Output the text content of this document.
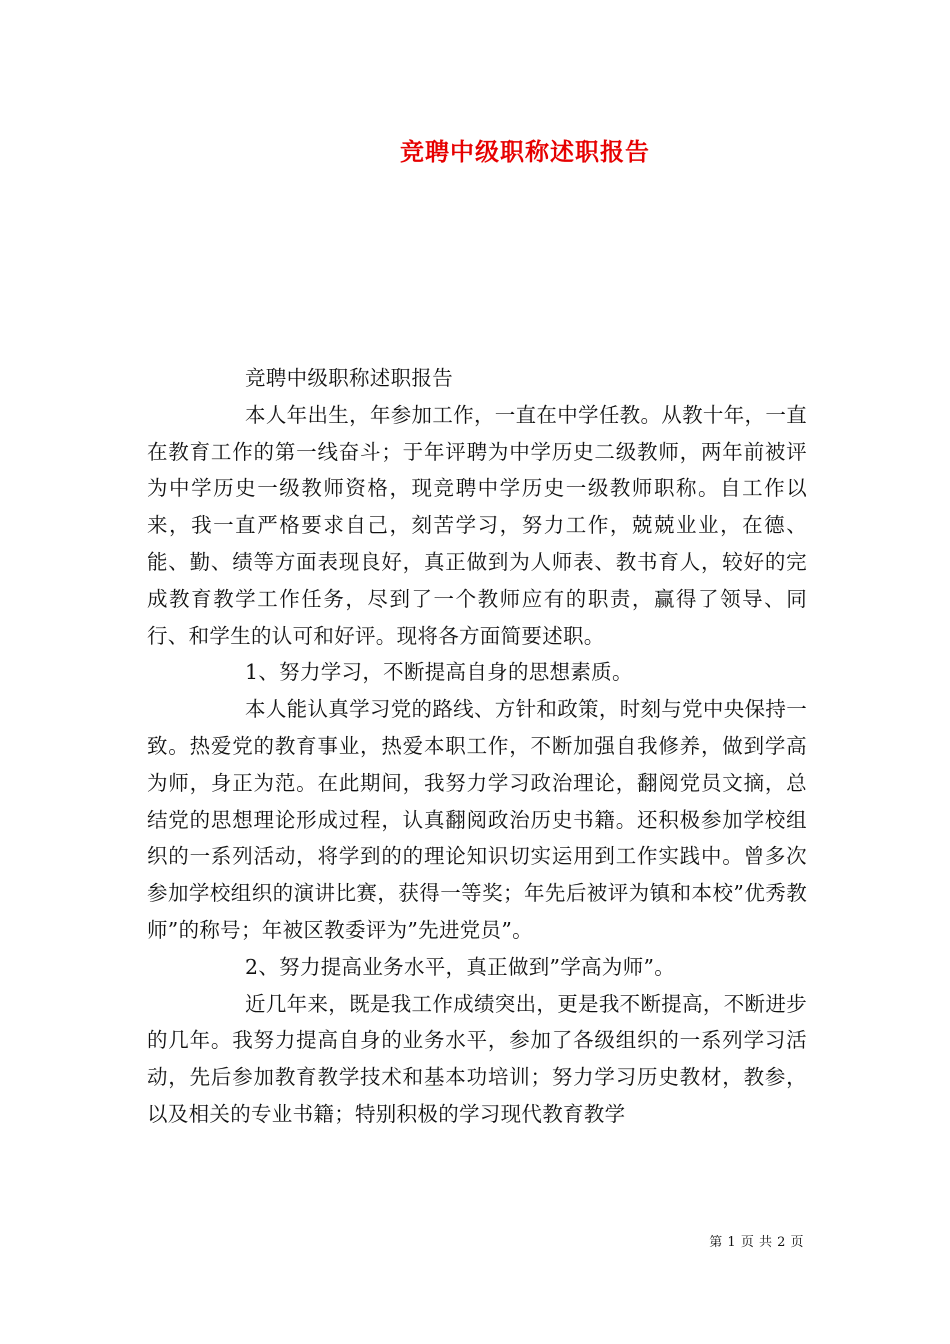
竞聘中级职称述职报告

竞聘中级职称述职报告

本人年出生，年参加工作，一直在中学任教。从教十年，一直在教育工作的第一线奋斗；于年评聘为中学历史二级教师，两年前被评为中学历史一级教师资格，现竞聘中学历史一级教师职称。自工作以来，我一直严格要求自己，刻苦学习，努力工作，兢兢业业，在德、能、勤、绩等方面表现良好，真正做到为人师表、教书育人，较好的完成教育教学工作任务，尽到了一个教师应有的职责，赢得了领导、同行、和学生的认可和好评。现将各方面简要述职。

1、努力学习，不断提高自身的思想素质。

本人能认真学习党的路线、方针和政策，时刻与党中央保持一致。热爱党的教育事业，热爱本职工作，不断加强自我修养，做到学高为师，身正为范。在此期间，我努力学习政治理论，翻阅党员文摘，总结党的思想理论形成过程，认真翻阅政治历史书籍。还积极参加学校组织的一系列活动，将学到的的理论知识切实运用到工作实践中。曾多次参加学校组织的演讲比赛，获得一等奖；年先后被评为镇和本校”优秀教师”的称号；年被区教委评为”先进党员”。

2、努力提高业务水平，真正做到”学高为师”。

近几年来，既是我工作成绩突出，更是我不断提高，不断进步的几年。我努力提高自身的业务水平，参加了各级组织的一系列学习活动，先后参加教育教学技术和基本功培训；努力学习历史教材，教参，以及相关的专业书籍；特别积极的学习现代教育教学

第 1 页 共 2 页
